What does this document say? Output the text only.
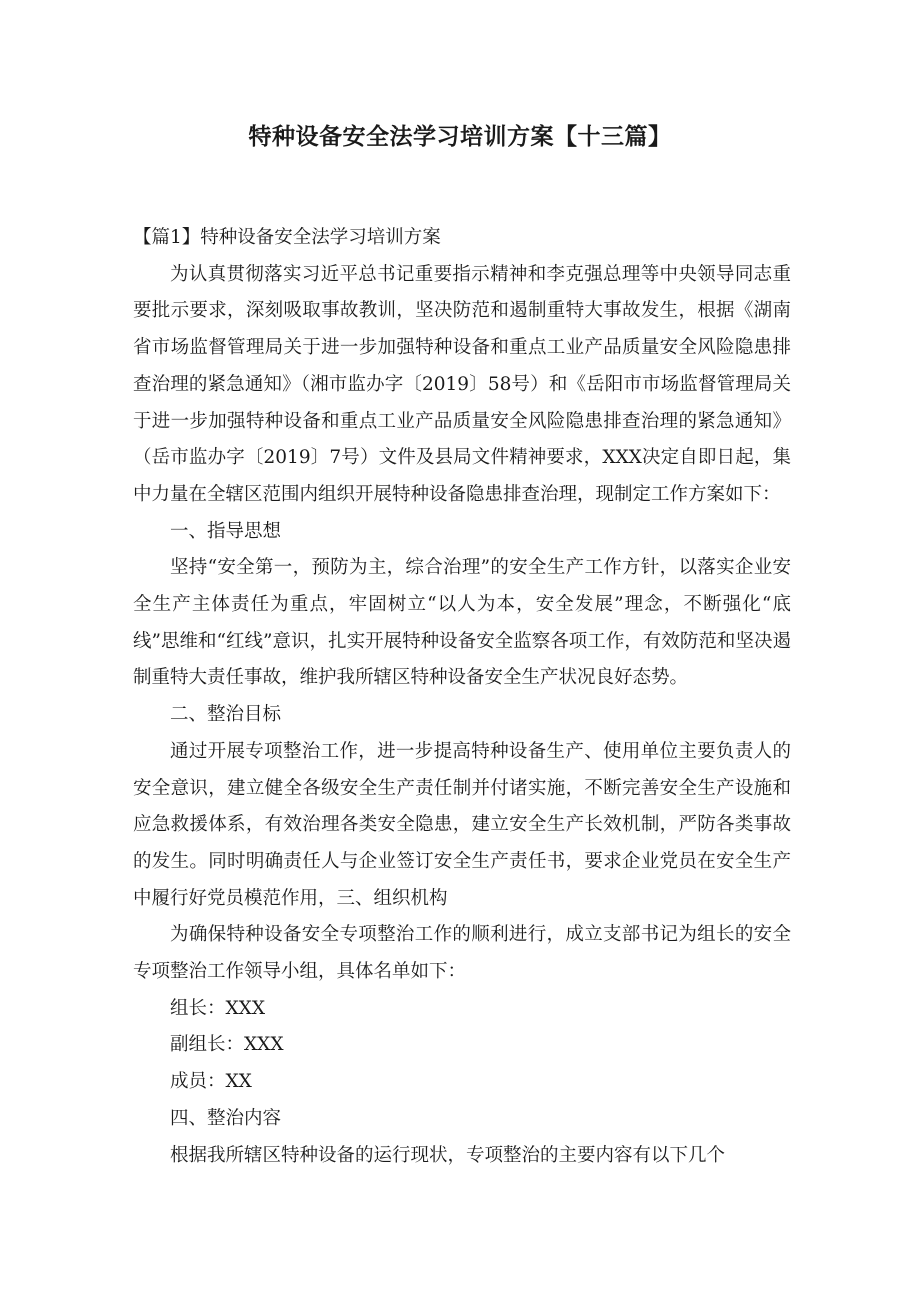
特种设备安全法学习培训方案【十三篇】

【篇1】特种设备安全法学习培训方案

为认真贯彻落实习近平总书记重要指示精神和李克强总理等中央领导同志重要批示要求，深刻吸取事故教训，坚决防范和遏制重特大事故发生，根据《湖南省市场监督管理局关于进一步加强特种设备和重点工业产品质量安全风险隐患排查治理的紧急通知》（湘市监办字〔2019〕58号）和《岳阳市市场监督管理局关于进一步加强特种设备和重点工业产品质量安全风险隐患排查治理的紧急通知》（岳市监办字〔2019〕7号）文件及县局文件精神要求，XXX决定自即日起，集中力量在全辖区范围内组织开展特种设备隐患排查治理，现制定工作方案如下：

一、指导思想

坚持“安全第一，预防为主，综合治理”的安全生产工作方针，以落实企业安全生产主体责任为重点，牢固树立“以人为本，安全发展”理念，不断强化“底线”思维和“红线”意识，扎实开展特种设备安全监察各项工作，有效防范和坚决遏制重特大责任事故，维护我所辖区特种设备安全生产状况良好态势。

二、整治目标

通过开展专项整治工作，进一步提高特种设备生产、使用单位主要负责人的安全意识，建立健全各级安全生产责任制并付诸实施，不断完善安全生产设施和应急救援体系，有效治理各类安全隐患，建立安全生产长效机制，严防各类事故的发生。同时明确责任人与企业签订安全生产责任书，要求企业党员在安全生产中履行好党员模范作用，三、组织机构

为确保特种设备安全专项整治工作的顺利进行，成立支部书记为组长的安全专项整治工作领导小组，具体名单如下：

组长：XXX

副组长：XXX

成员：XX

四、整治内容

根据我所辖区特种设备的运行现状，专项整治的主要内容有以下几个
